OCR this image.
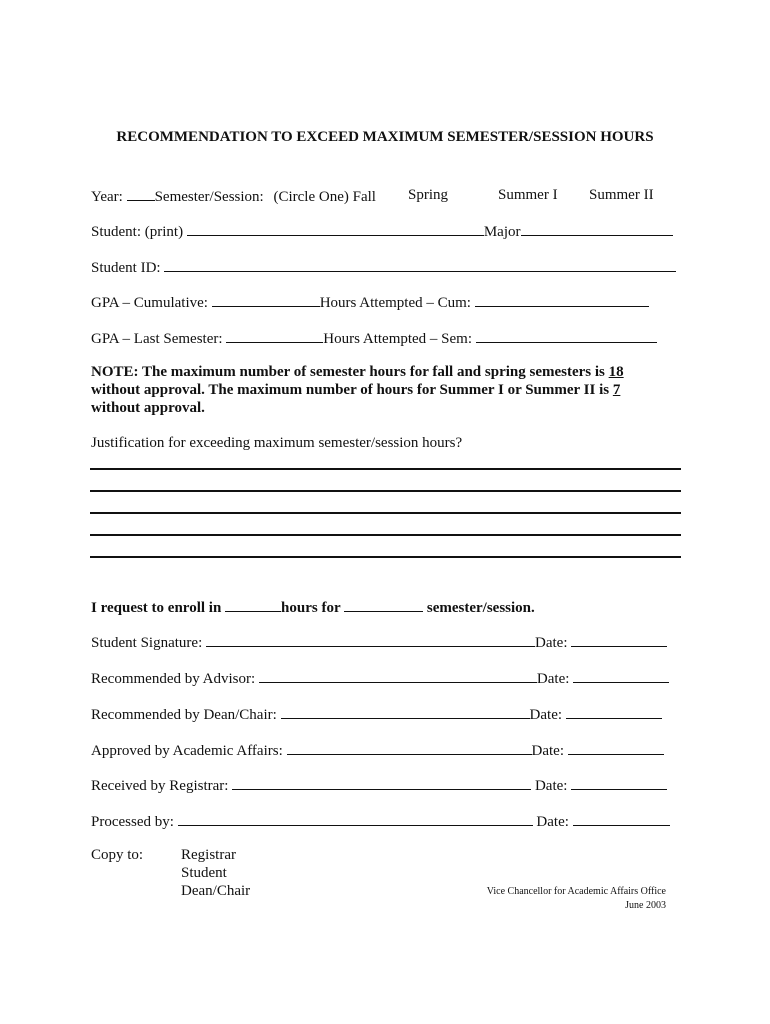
RECOMMENDATION TO EXCEED MAXIMUM SEMESTER/SESSION HOURS
Year: Semester/Session: (Circle One) Fall Spring	Summer I Summer II
Student: (print)	Major
Student ID:
GPA – Cumulative:	Hours Attempted – Cum:
GPA – Last Semester:	Hours Attempted – Sem:
NOTE: The maximum number of semester hours for fall and spring semesters is 18
without approval. The maximum number of hours for Summer I or Summer II is 7
without approval.
Justification for exceeding maximum semester/session hours?
I request to enroll in	hours for	semester/session.
Student Signature:	Date:
Recommended by Advisor:	Date:
Recommended by Dean/Chair:	Date:
Approved by Academic Affairs:	Date:
Received by Registrar:	Date:
Processed by:	Date:
Copy to:	Registrar
Student
Dean/Chair	Vice Chancellor for Academic Affairs Office
June 2003
